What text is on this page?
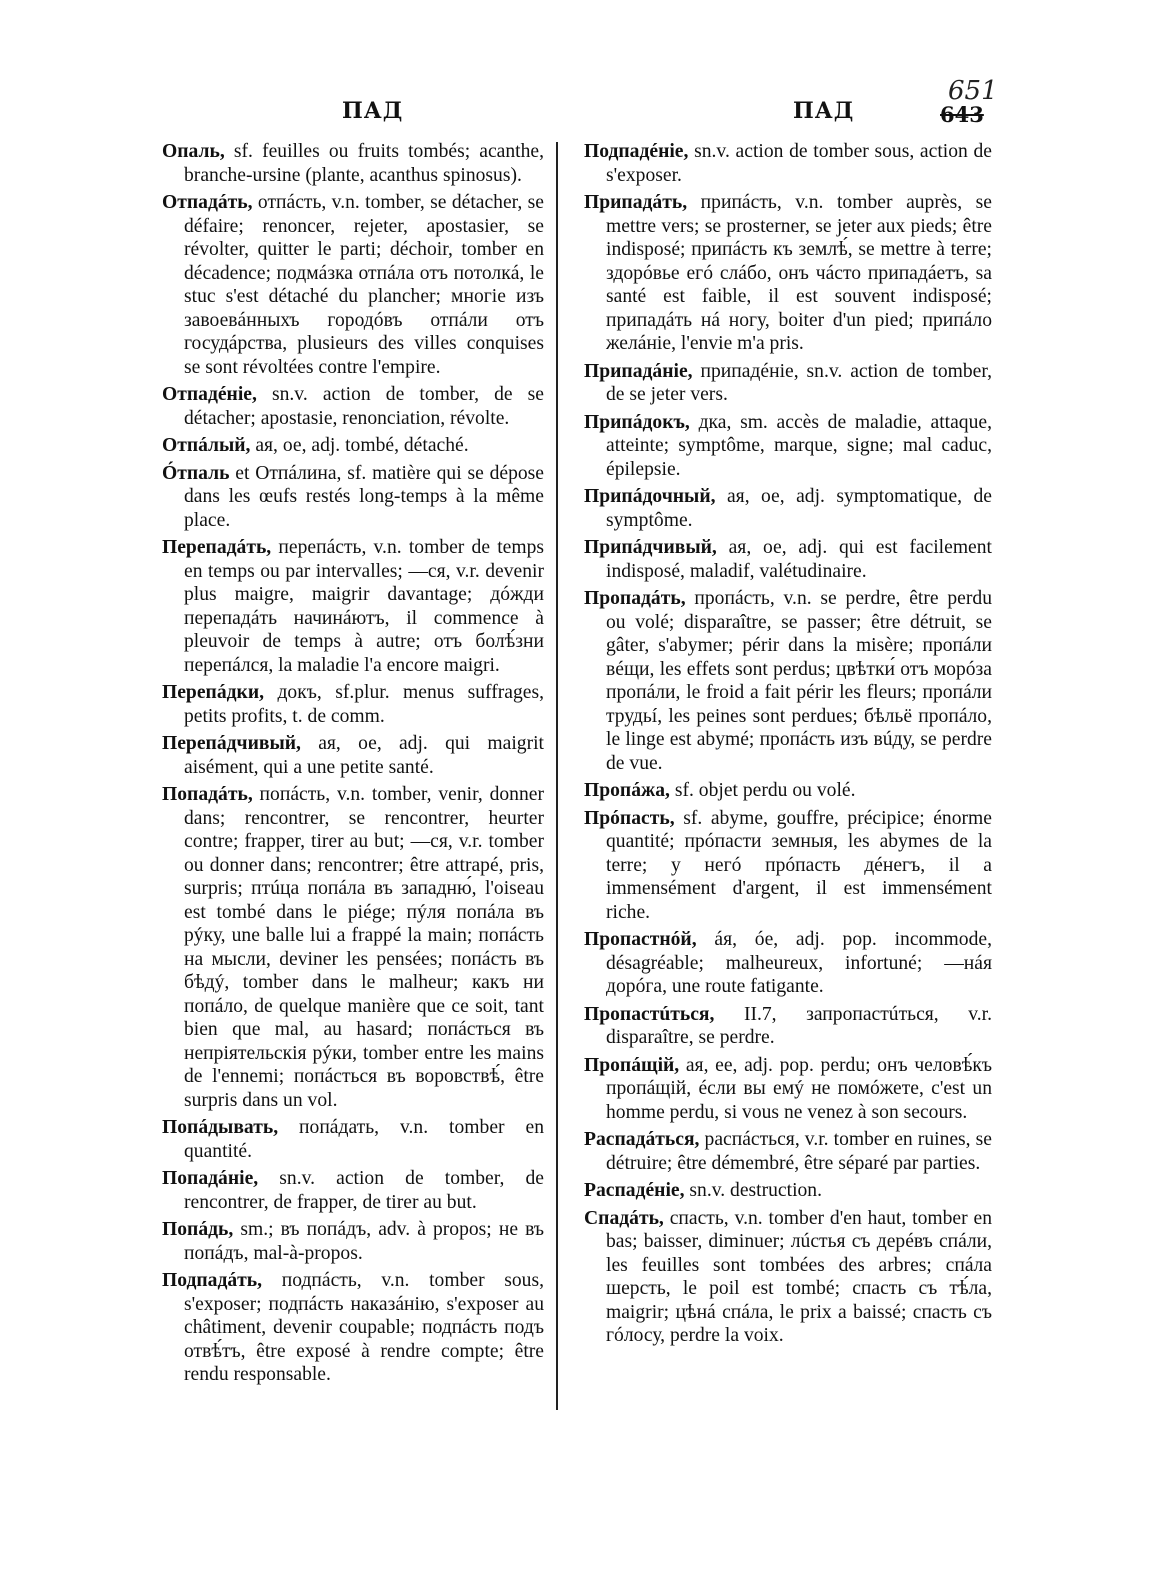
651
ПАД	ПАД	643

Опаль, sf. feuilles ou fruits tombés; acanthe, branche-ursine (plante, acanthus spinosus).

Отпадáть, отпáсть, v.n. tomber, se détacher, se défaire; renoncer, rejeter, apostasier, se révolter, quitter le parti; déchoir, tomber en décadence; подмáзка отпáла отъ потолкá, le stuc s'est détaché du plancher; многіе изъ завоевáнныхъ городóвъ отпáли отъ госудáрства, plusieurs des villes conquises se sont révoltées contre l'empire.

Отпадéніе, sn.v. action de tomber, de se détacher; apostasie, renonciation, révolte.

Отпáлый, ая, ое, adj. tombé, détaché.

Óтпаль et Отпáлина, sf. matière qui se dépose dans les œufs restés long-temps à la même place.

Перепадáть, перепáсть, v.n. tomber de temps en temps ou par intervalles; —ся, v.r. devenir plus maigre, maigrir davantage; дóжди перепадáть начинáютъ, il commence à pleuvoir de temps à autre; отъ болѣ́зни перепáлся, la maladie l'a encore maigri.

Перепáдки, докъ, sf.plur. menus suffrages, petits profits, t. de comm.

Перепáдчивый, ая, ое, adj. qui maigrit aisément, qui a une petite santé.

Попадáть, попáсть, v.n. tomber, venir, donner dans; rencontrer, se rencontrer, heurter contre; frapper, tirer au but; —ся, v.r. tomber ou donner dans; rencontrer; être attrapé, pris, surpris; птúца попáла въ западню́, l'oiseau est tombé dans le piége; пýля попáла въ рýку, une balle lui a frappé la main; попáсть на мысли, deviner les pensées; попáсть въ бѣдý, tomber dans le malheur; какъ ни попáло, de quelque manière que ce soit, tant bien que mal, au hasard; попáсться въ непріятельскія рýки, tomber entre les mains de l'ennemi; попáсться въ воровствѣ́, être surpris dans un vol.

Попáдывать, попáдать, v.n. tomber en quantité.

Попадáніе, sn.v. action de tomber, de rencontrer, de frapper, de tirer au but.

Попáдь, sm.; въ попáдъ, adv. à propos; не въ попáдъ, mal-à-propos.

Подпадáть, подпáсть, v.n. tomber sous, s'exposer; подпáсть наказáнію, s'exposer au châtiment, devenir coupable; подпáсть подъ отвѣ́тъ, être exposé à rendre compte; être rendu responsable.

Подпадéніе, sn.v. action de tomber sous, action de s'exposer.

Припадáть, припáсть, v.n. tomber auprès, se mettre vers; se prosterner, se jeter aux pieds; être indisposé; припáсть къ землѣ́, se mettre à terre; здорóвье егó слáбо, онъ чáсто припадáетъ, sa santé est faible, il est souvent indisposé; припадáть нá ногу, boiter d'un pied; припáло желáніе, l'envie m'a pris.

Припадáніе, припадéніе, sn.v. action de tomber, de se jeter vers.

Припáдокъ, дка, sm. accès de maladie, attaque, atteinte; symptôme, marque, signe; mal caduc, épilepsie.

Припáдочный, ая, ое, adj. symptomatique, de symptôme.

Припáдчивый, ая, ое, adj. qui est facilement indisposé, maladif, valétudinaire.

Пропадáть, пропáсть, v.n. se perdre, être perdu ou volé; disparaître, se passer; être détruit, se gâter, s'abymer; périr dans la misère; пропáли вéщи, les effets sont perdus; цвѣтки́ отъ морóза пропáли, le froid a fait périr les fleurs; пропáли трудьí, les peines sont perdues; бѣльё пропáло, le linge est abymé; пропáсть изъ вúду, se perdre de vue.

Пропáжа, sf. objet perdu ou volé.

Прóпасть, sf. abyme, gouffre, précipice; énorme quantité; прóпасти земныя, les abymes de la terre; у негó прóпасть дéнегъ, il a immensément d'argent, il est immensément riche.

Пропастнóй, áя, óе, adj. pop. incommode, désagréable; malheureux, infortuné; —нáя дорóга, une route fatigante.

Пропастúться, II.7, запропастúться, v.r. disparaître, se perdre.

Пропáщій, ая, ее, adj. pop. perdu; онъ человѣ́къ пропáщій, éсли вы емý не помóжете, c'est un homme perdu, si vous ne venez à son secours.

Распадáться, распáсться, v.r. tomber en ruines, se détruire; être démembré, être séparé par parties.

Распадéніе, sn.v. destruction.

Спадáть, спасть, v.n. tomber d'en haut, tomber en bas; baisser, diminuer; лúстья съ дерéвъ спáли, les feuilles sont tombées des arbres; спáла шерсть, le poil est tombé; спасть съ тѣ́ла, maigrir; цѣнá спáла, le prix a baissé; спасть съ гóлосу, perdre la voix.
